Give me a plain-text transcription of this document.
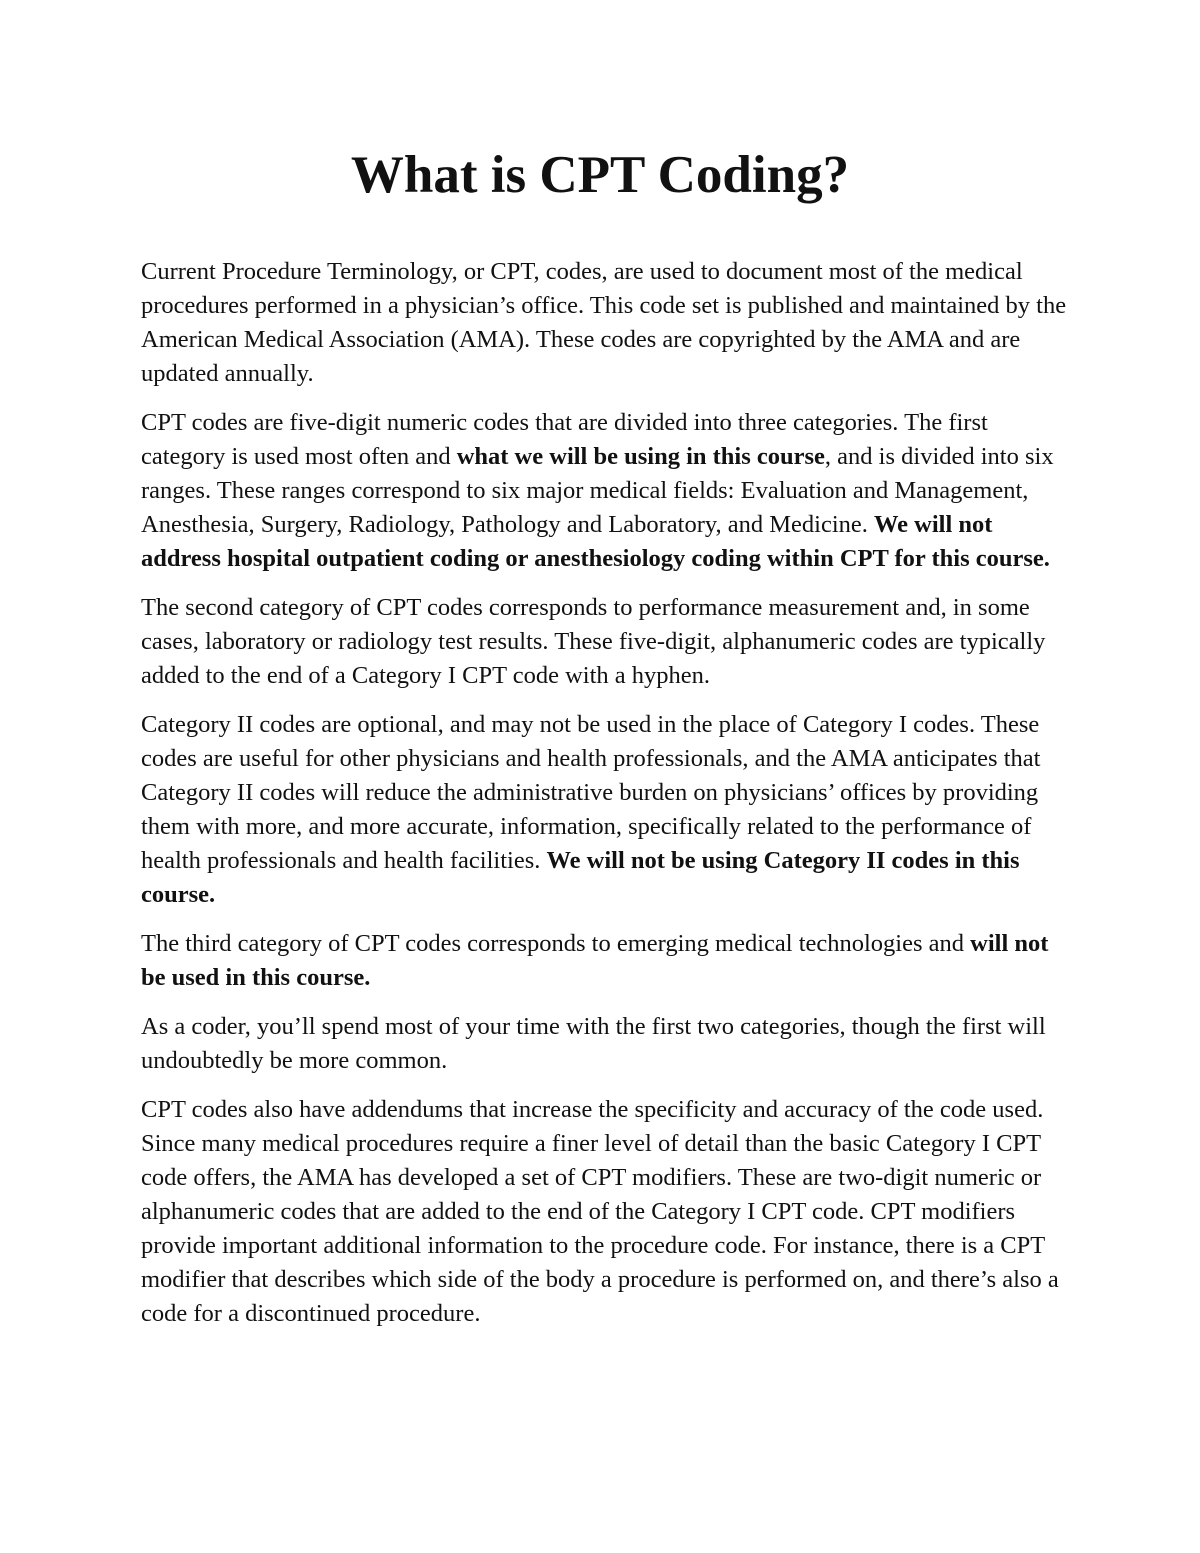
What is CPT Coding?

Current Procedure Terminology, or CPT, codes, are used to document most of the medical procedures performed in a physician’s office. This code set is published and maintained by the American Medical Association (AMA). These codes are copyrighted by the AMA and are updated annually.

CPT codes are five-digit numeric codes that are divided into three categories. The first category is used most often and what we will be using in this course, and is divided into six ranges. These ranges correspond to six major medical fields: Evaluation and Management, Anesthesia, Surgery, Radiology, Pathology and Laboratory, and Medicine. We will not address hospital outpatient coding or anesthesiology coding within CPT for this course.

The second category of CPT codes corresponds to performance measurement and, in some cases, laboratory or radiology test results. These five-digit, alphanumeric codes are typically added to the end of a Category I CPT code with a hyphen.

Category II codes are optional, and may not be used in the place of Category I codes. These codes are useful for other physicians and health professionals, and the AMA anticipates that Category II codes will reduce the administrative burden on physicians’ offices by providing them with more, and more accurate, information, specifically related to the performance of health professionals and health facilities. We will not be using Category II codes in this course.

The third category of CPT codes corresponds to emerging medical technologies and will not be used in this course.

As a coder, you’ll spend most of your time with the first two categories, though the first will undoubtedly be more common.

CPT codes also have addendums that increase the specificity and accuracy of the code used. Since many medical procedures require a finer level of detail than the basic Category I CPT code offers, the AMA has developed a set of CPT modifiers. These are two-digit numeric or alphanumeric codes that are added to the end of the Category I CPT code. CPT modifiers provide important additional information to the procedure code. For instance, there is a CPT modifier that describes which side of the body a procedure is performed on, and there’s also a code for a discontinued procedure.
